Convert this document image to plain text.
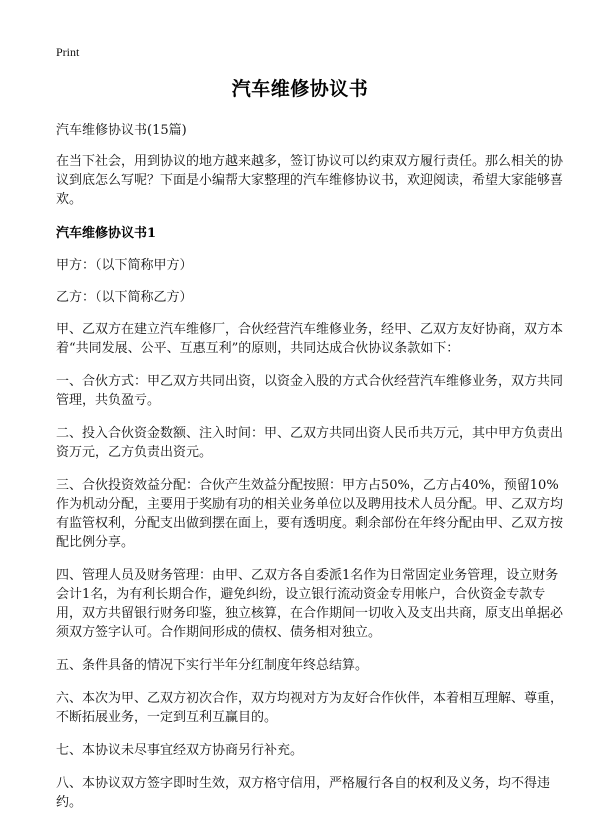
Print
汽车维修协议书

汽车维修协议书(15篇)

在当下社会，用到协议的地方越来越多，签订协议可以约束双方履行责任。那么相关的协议到底怎么写呢？下面是小编帮大家整理的汽车维修协议书，欢迎阅读，希望大家能够喜欢。

汽车维修协议书1

甲方：（以下简称甲方）

乙方：（以下简称乙方）

甲、乙双方在建立汽车维修厂，合伙经营汽车维修业务，经甲、乙双方友好协商，双方本着“共同发展、公平、互惠互利”的原则，共同达成合伙协议条款如下：

一、合伙方式：甲乙双方共同出资，以资金入股的方式合伙经营汽车维修业务，双方共同管理，共负盈亏。

二、投入合伙资金数额、注入时间：甲、乙双方共同出资人民币共万元，其中甲方负责出资万元，乙方负责出资元。

三、合伙投资效益分配：合伙产生效益分配按照：甲方占50%，乙方占40%，预留10%作为机动分配，主要用于奖励有功的相关业务单位以及聘用技术人员分配。甲、乙双方均有监管权利，分配支出做到摆在面上，要有透明度。剩余部份在年终分配由甲、乙双方按配比例分享。

四、管理人员及财务管理：由甲、乙双方各自委派1名作为日常固定业务管理，设立财务会计1名，为有利长期合作，避免纠纷，设立银行流动资金专用帐户，合伙资金专款专用，双方共留银行财务印鉴，独立核算，在合作期间一切收入及支出共商，原支出单据必须双方签字认可。合作期间形成的债权、债务相对独立。

五、条件具备的情况下实行半年分红制度年终总结算。

六、本次为甲、乙双方初次合作，双方均视对方为友好合作伙伴，本着相互理解、尊重，不断拓展业务，一定到互利互赢目的。

七、本协议未尽事宜经双方协商另行补充。

八、本协议双方签字即时生效，双方格守信用，严格履行各自的权利及义务，均不得违约。
